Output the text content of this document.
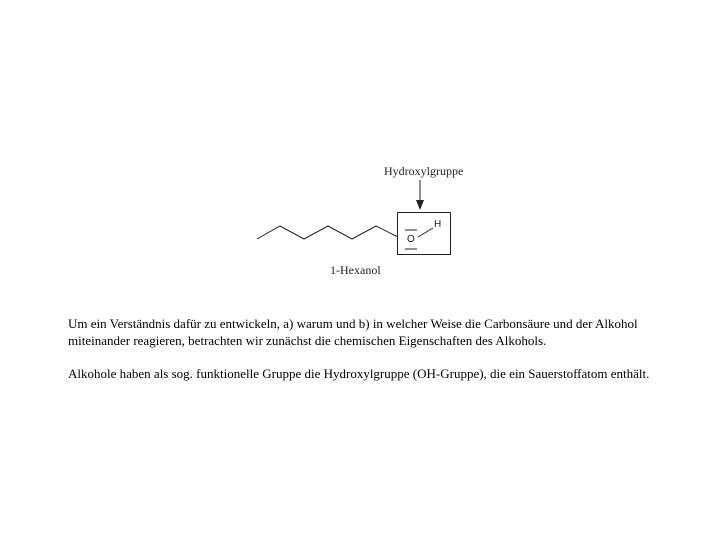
Hydroxylgruppe
O
H
1-Hexanol

Um ein Verständnis dafür zu entwickeln, a) warum und b) in welcher Weise die Carbonsäure und der Alkohol miteinander reagieren, betrachten wir zunächst die chemischen Eigenschaften des Alkohols.

Alkohole haben als sog. funktionelle Gruppe die Hydroxylgruppe (OH-Gruppe), die ein Sauerstoffatom enthält.
